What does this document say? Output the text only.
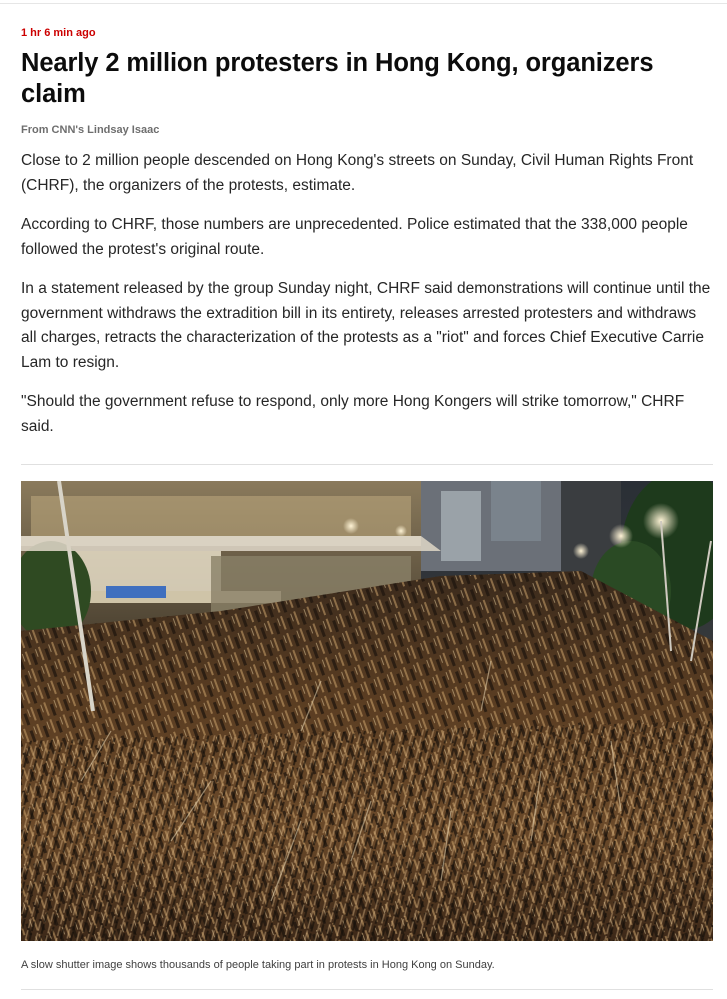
1 hr 6 min ago

Nearly 2 million protesters in Hong Kong, organizers claim

From CNN's Lindsay Isaac

Close to 2 million people descended on Hong Kong's streets on Sunday, Civil Human Rights Front (CHRF), the organizers of the protests, estimate.

According to CHRF, those numbers are unprecedented. Police estimated that the 338,000 people followed the protest's original route.

In a statement released by the group Sunday night, CHRF said demonstrations will continue until the government withdraws the extradition bill in its entirety, releases arrested protesters and withdraws all charges, retracts the characterization of the protests as a "riot" and forces Chief Executive Carrie Lam to resign.

"Should the government refuse to respond, only more Hong Kongers will strike tomorrow," CHRF said.

A slow shutter image shows thousands of people taking part in protests in Hong Kong on Sunday.
